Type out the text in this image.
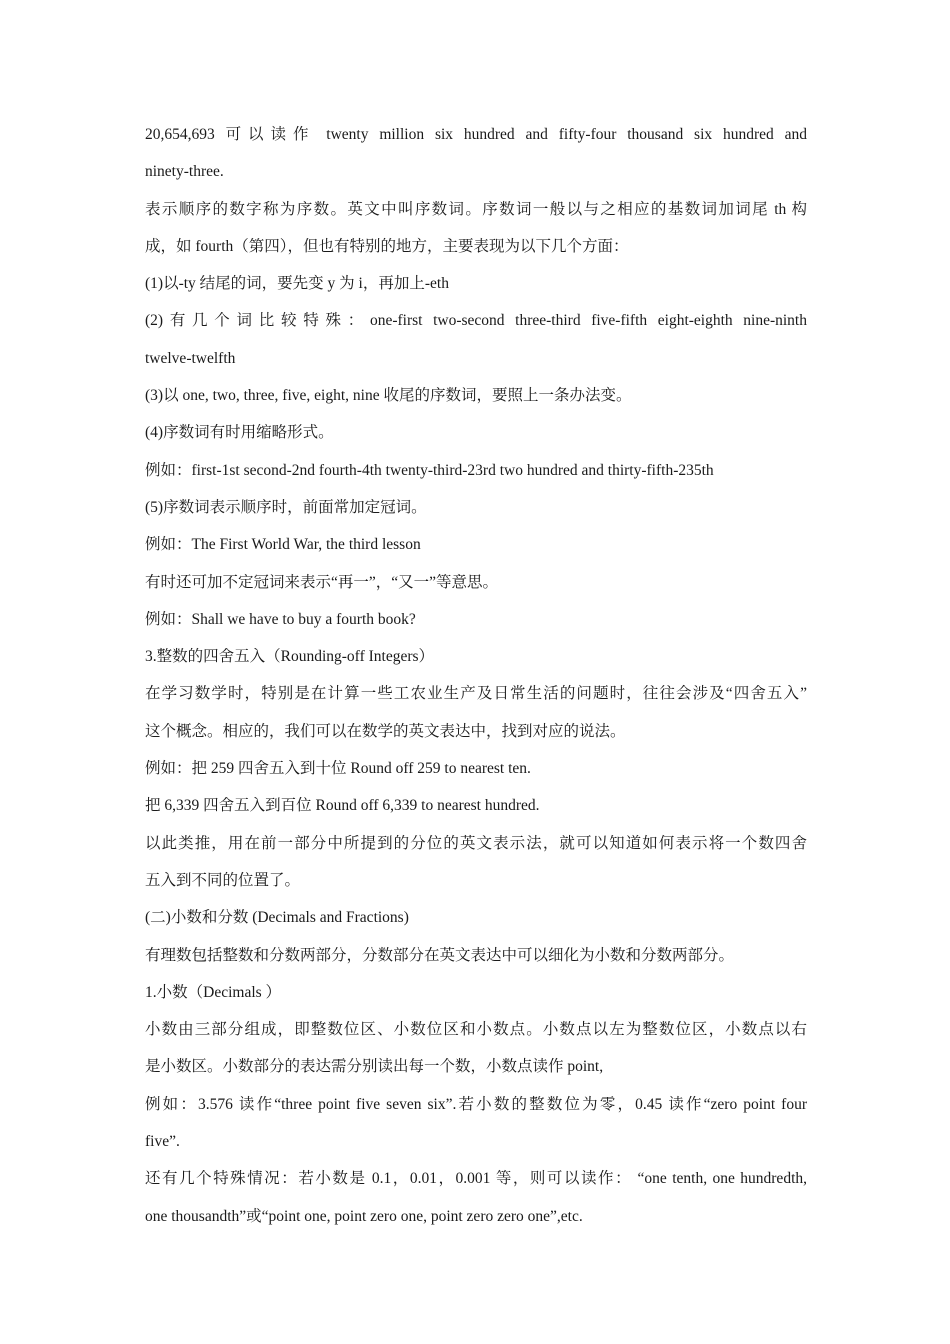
20,654,693 可以读作 twenty million six hundred and fifty-four thousand six hundred and

ninety-three.

表示顺序的数字称为序数。英文中叫序数词。序数词一般以与之相应的基数词加词尾 th 构

成，如 fourth（第四），但也有特别的地方，主要表现为以下几个方面：

(1)以-ty 结尾的词，要先变 y 为 i，再加上-eth

(2)有几个词比较特殊：one-first two-second three-third five-fifth eight-eighth nine-ninth

twelve-twelfth

(3)以 one, two, three, five, eight, nine 收尾的序数词，要照上一条办法变。

(4)序数词有时用缩略形式。

例如：first-1st second-2nd fourth-4th twenty-third-23rd two hundred and thirty-fifth-235th

(5)序数词表示顺序时，前面常加定冠词。

例如：The First World War, the third lesson

有时还可加不定冠词来表示“再一”，“又一”等意思。

例如：Shall we have to buy a fourth book?

3.整数的四舍五入（Rounding-off Integers）

在学习数学时，特别是在计算一些工农业生产及日常生活的问题时，往往会涉及“四舍五入”

这个概念。相应的，我们可以在数学的英文表达中，找到对应的说法。

例如：把 259 四舍五入到十位 Round off 259 to nearest ten.

把 6,339 四舍五入到百位 Round off 6,339 to nearest hundred.

以此类推，用在前一部分中所提到的分位的英文表示法，就可以知道如何表示将一个数四舍

五入到不同的位置了。

(二)小数和分数 (Decimals and Fractions)

有理数包括整数和分数两部分，分数部分在英文表达中可以细化为小数和分数两部分。

1.小数（Decimals ）

小数由三部分组成，即整数位区、小数位区和小数点。小数点以左为整数位区，小数点以右

是小数区。小数部分的表达需分别读出每一个数，小数点读作 point,

例如：3.576 读作“three point five seven six”.若小数的整数位为零，0.45 读作“zero point four

five”.

还有几个特殊情况：若小数是 0.1，0.01，0.001 等，则可以读作： “one tenth, one hundredth,

one thousandth”或“point one, point zero one, point zero zero one”,etc.
